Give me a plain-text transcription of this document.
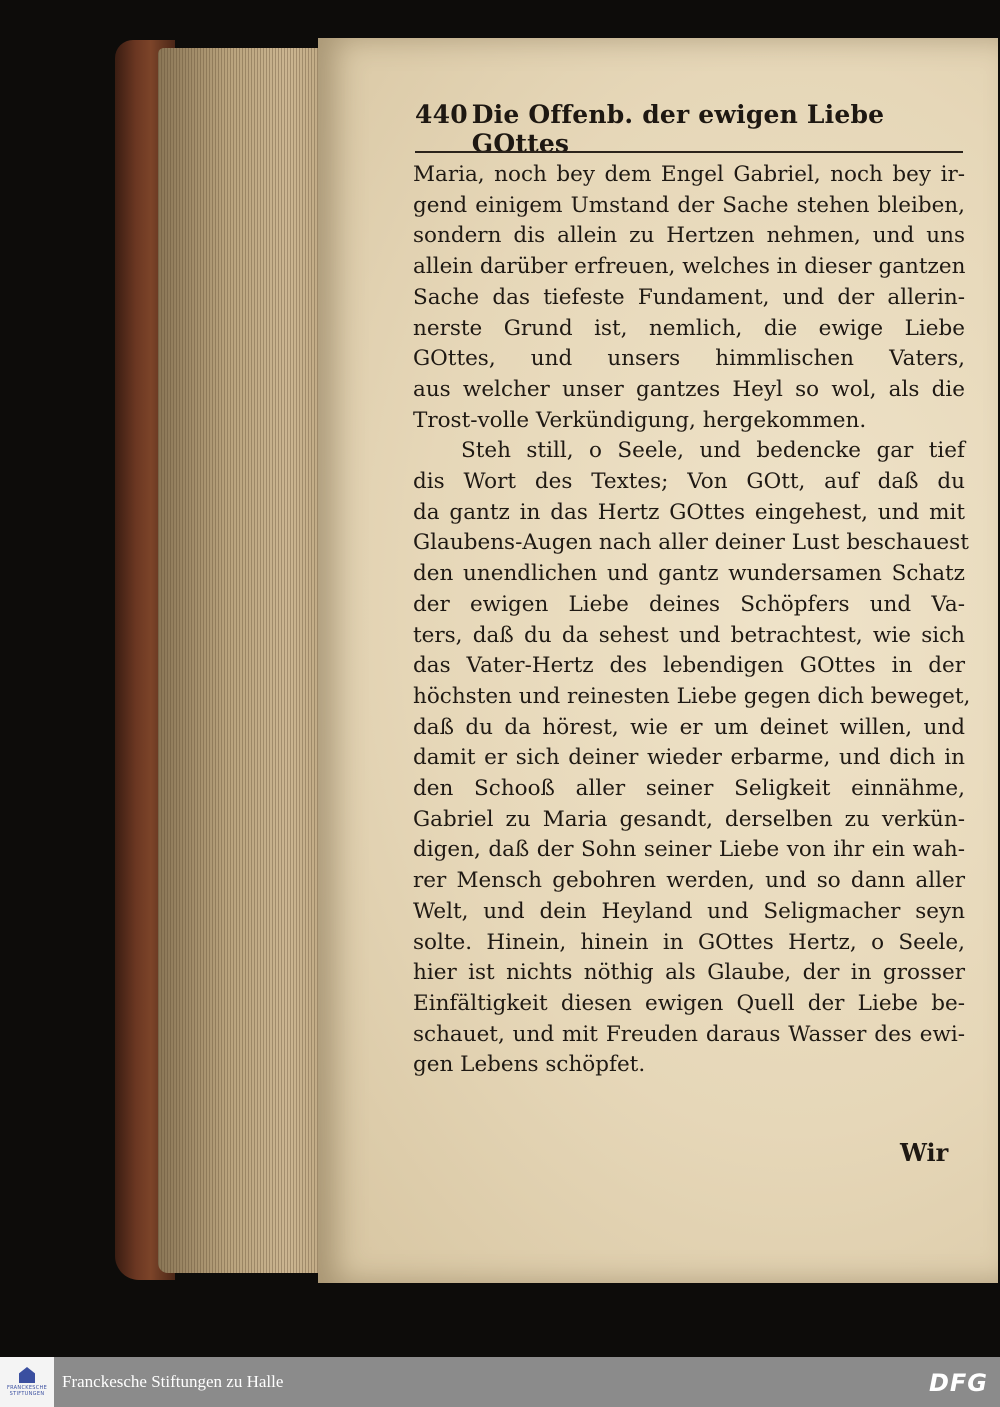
440 Die Offenb. der ewigen Liebe GOttes
Maria, noch bey dem Engel Gabriel, noch bey ir-
gend einigem Umstand der Sache stehen bleiben,
sondern dis allein zu Hertzen nehmen, und uns
allein darüber erfreuen, welches in dieser gantzen
Sache das tiefeste Fundament, und der allerin-
nerste Grund ist, nemlich, die ewige Liebe
GOttes, und unsers himmlischen Vaters,
aus welcher unser gantzes Heyl so wol, als die
Trost-volle Verkündigung, hergekommen.
Steh still, o Seele, und bedencke gar tief
dis Wort des Textes; Von GOtt, auf daß du
da gantz in das Hertz GOttes eingehest, und mit
Glaubens-Augen nach aller deiner Lust beschauest
den unendlichen und gantz wundersamen Schatz
der ewigen Liebe deines Schöpfers und Va-
ters, daß du da sehest und betrachtest, wie sich
das Vater-Hertz des lebendigen GOttes in der
höchsten und reinesten Liebe gegen dich beweget,
daß du da hörest, wie er um deinet willen, und
damit er sich deiner wieder erbarme, und dich in
den Schooß aller seiner Seligkeit einnähme,
Gabriel zu Maria gesandt, derselben zu verkün-
digen, daß der Sohn seiner Liebe von ihr ein wah-
rer Mensch gebohren werden, und so dann aller
Welt, und dein Heyland und Seligmacher seyn
solte. Hinein, hinein in GOttes Hertz, o Seele,
hier ist nichts nöthig als Glaube, der in grosser
Einfältigkeit diesen ewigen Quell der Liebe be-
schauet, und mit Freuden daraus Wasser des ewi-
gen Lebens schöpfet.
Wir
FRANCKESCHE STIFTUNGEN
Franckesche Stiftungen zu Halle	DFG
